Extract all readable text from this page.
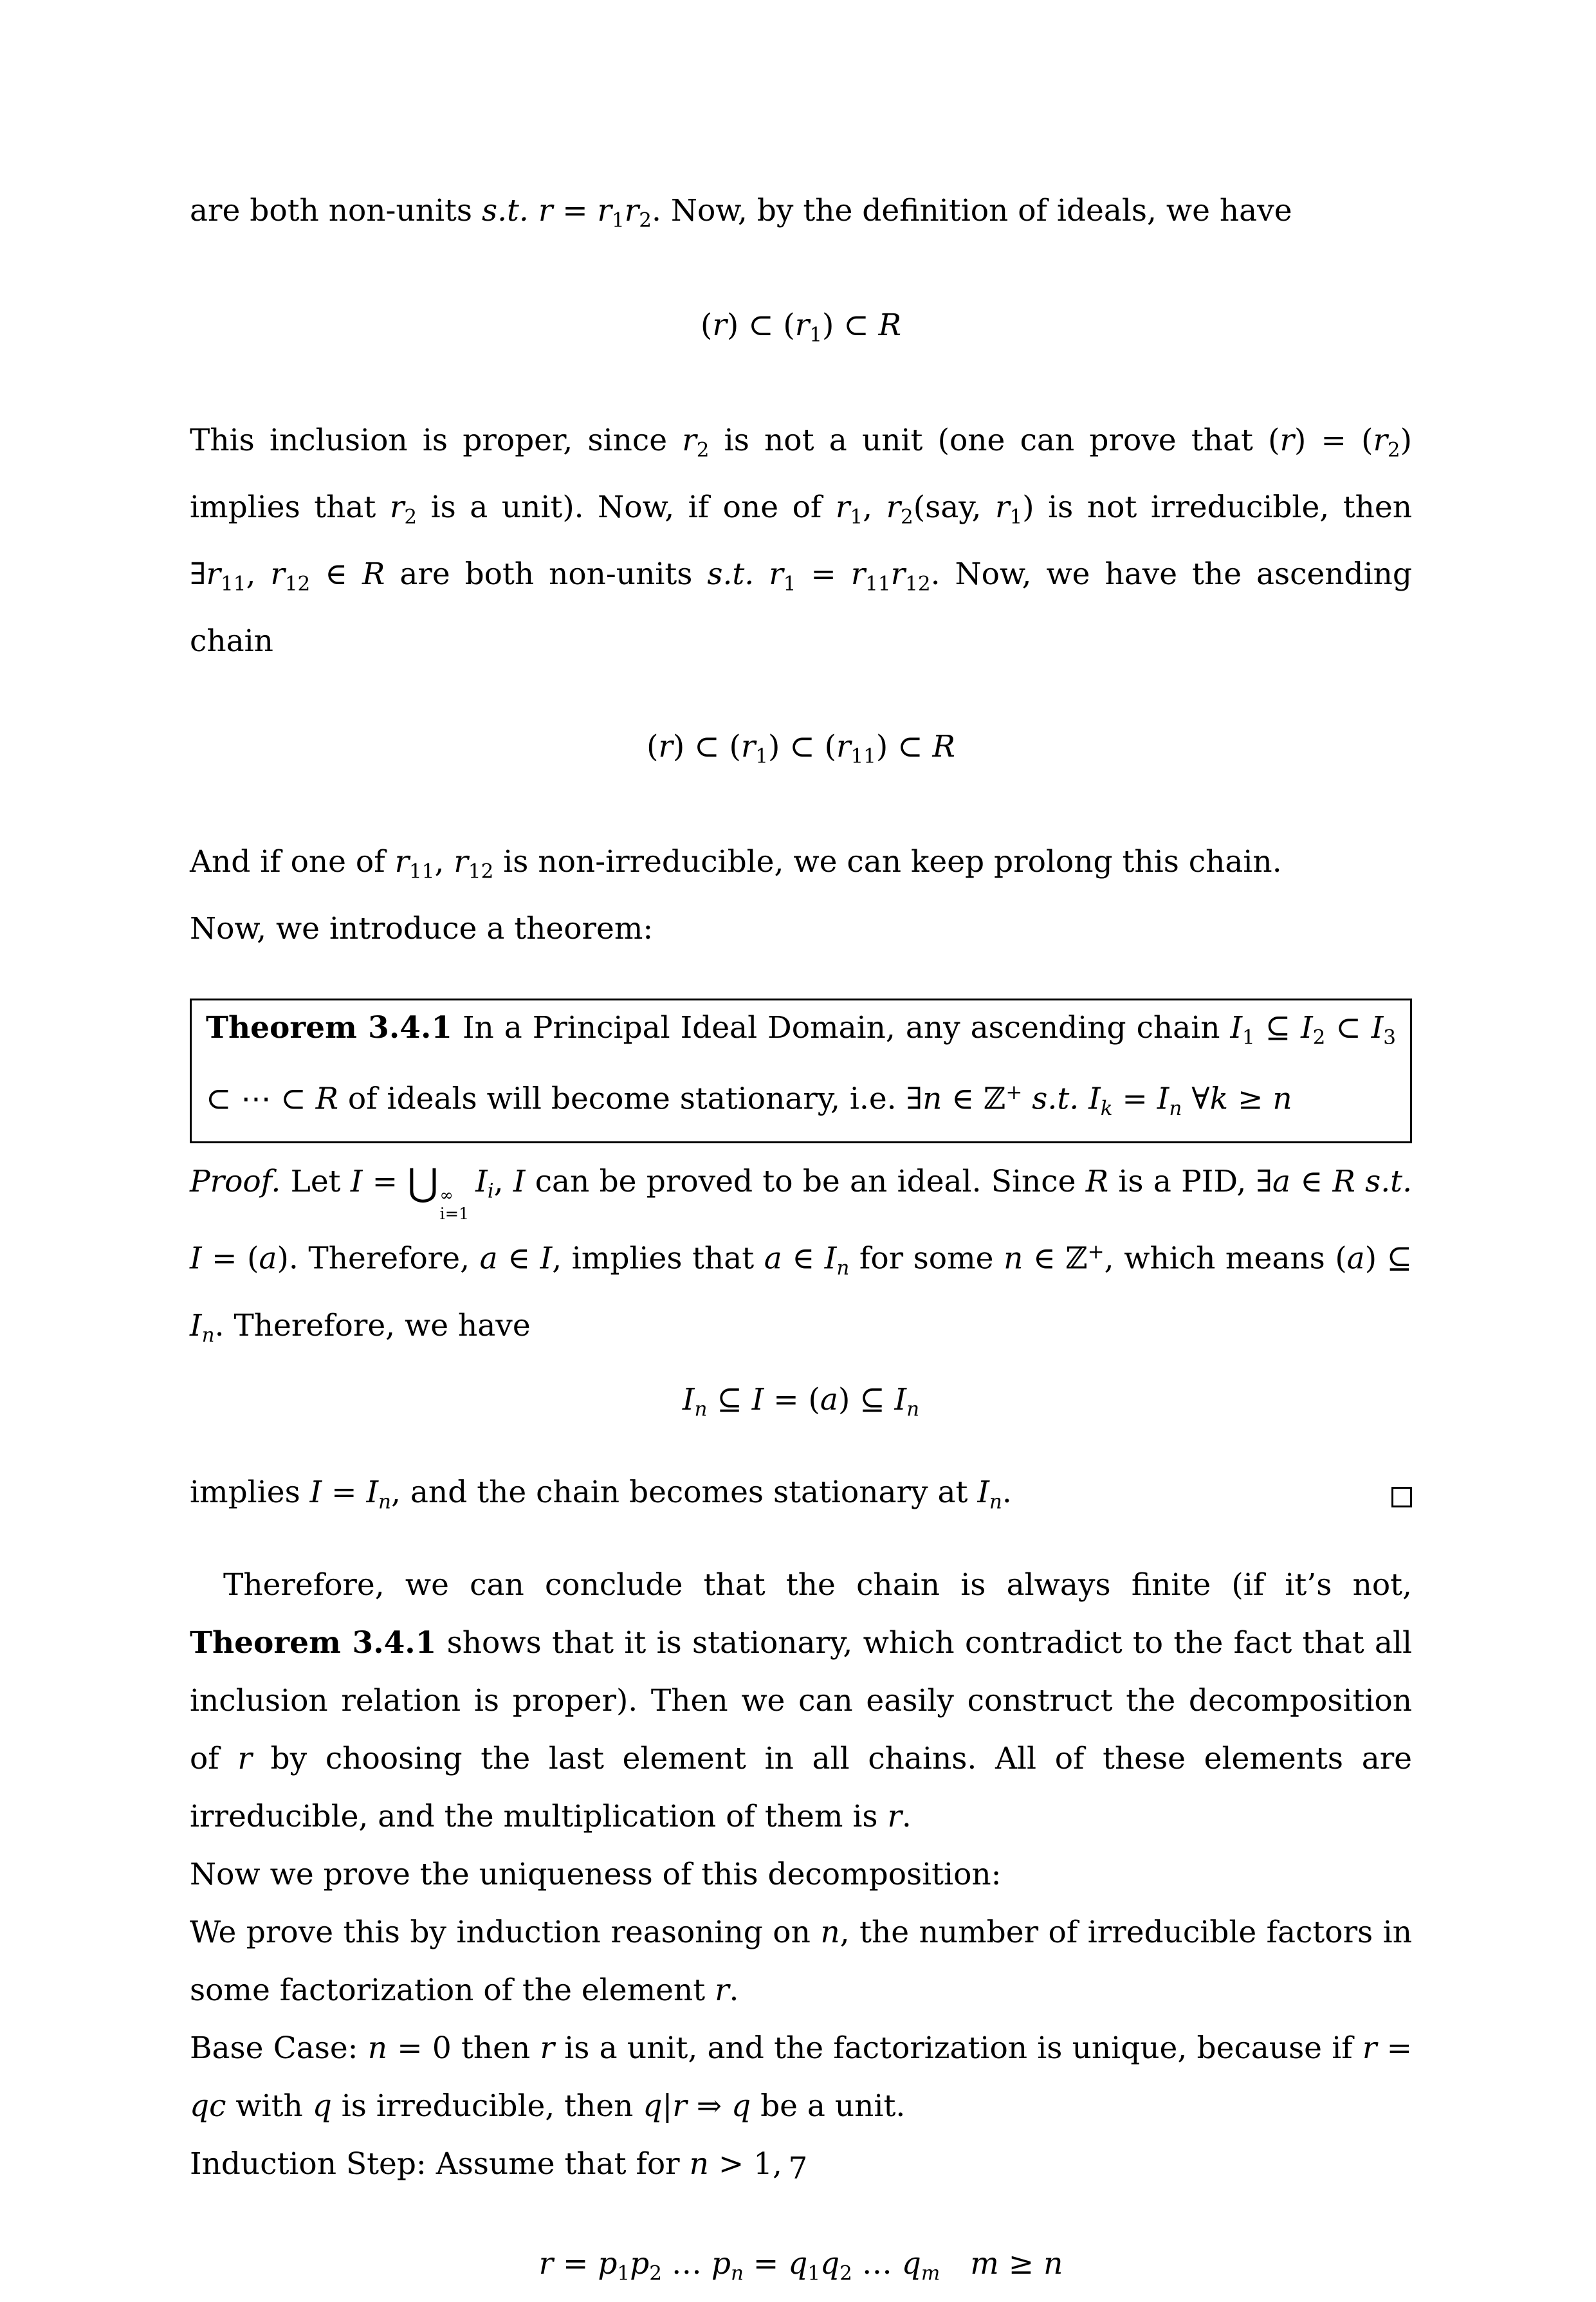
are both non-units s.t. $r = r_1r_2$. Now, by the definition of ideals, we have

(r) ⊂ $(r_1)$ ⊂ R

This inclusion is proper, since $r_2$ is not a unit (one can prove that $(r) = (r_2)$ implies that $r_2$ is a unit). Now, if one of $r_1$, $r_2(say$, $r_1$) is not irreducible, then $\exists r_{11}$, $r_{12}$ ∈ R are both non-units s.t. $r_1 = r_{11}r_{12}$. Now, we have the ascending chain

(r) ⊂ $(r_1)$ ⊂ $(r_{11})$ ⊂ R

And if one of $r_{11}$, $r_{12}$ is non-irreducible, we can keep prolong this chain.

Now, we introduce a theorem:

Theorem 3.4.1 In a Principal Ideal Domain, any ascending chain $I_1$ ⊆ $I_2$ ⊂ $I_3$ ⊂ ⋯ ⊂ R of ideals will become stationary, i.e. ∃n ∈ ℤ+ s.t. $I_k = I_n$ ∀k ≥ n

Proof. Let I = ⋃ ∞
i=1
$I_i$, I can be proved to be an ideal. Since R is a PID, ∃a ∈ R s.t. I = (a). Therefore, a ∈ I, implies that a ∈ $I_n$ for some n ∈ ℤ+, which means (a) ⊆ $I_n$. Therefore, we have

$I_n$ ⊆ I = (a) ⊆ $I_n$
implies $I = I_n$, and the chain becomes stationary at $I_n$.

Therefore, we can conclude that the chain is always finite (if it’s not, Theorem 3.4.1 shows that it is stationary, which contradict to the fact that all inclusion relation is proper). Then we can easily construct the decomposition of r by choosing the last element in all chains. All of these elements are irreducible, and the multiplication of them is r.

Now we prove the uniqueness of this decomposition:

We prove this by induction reasoning on n, the number of irreducible factors in some factorization of the element r.

Base Case: n = 0 then r is a unit, and the factorization is unique, because if r = qc with q is irreducible, then q|r ⇒ q be a unit.

Induction Step: Assume that for n > 1,

$r = p_1p_2$ … $p_n = q_1q_2$ … $q_m$  m ≥ n
7
